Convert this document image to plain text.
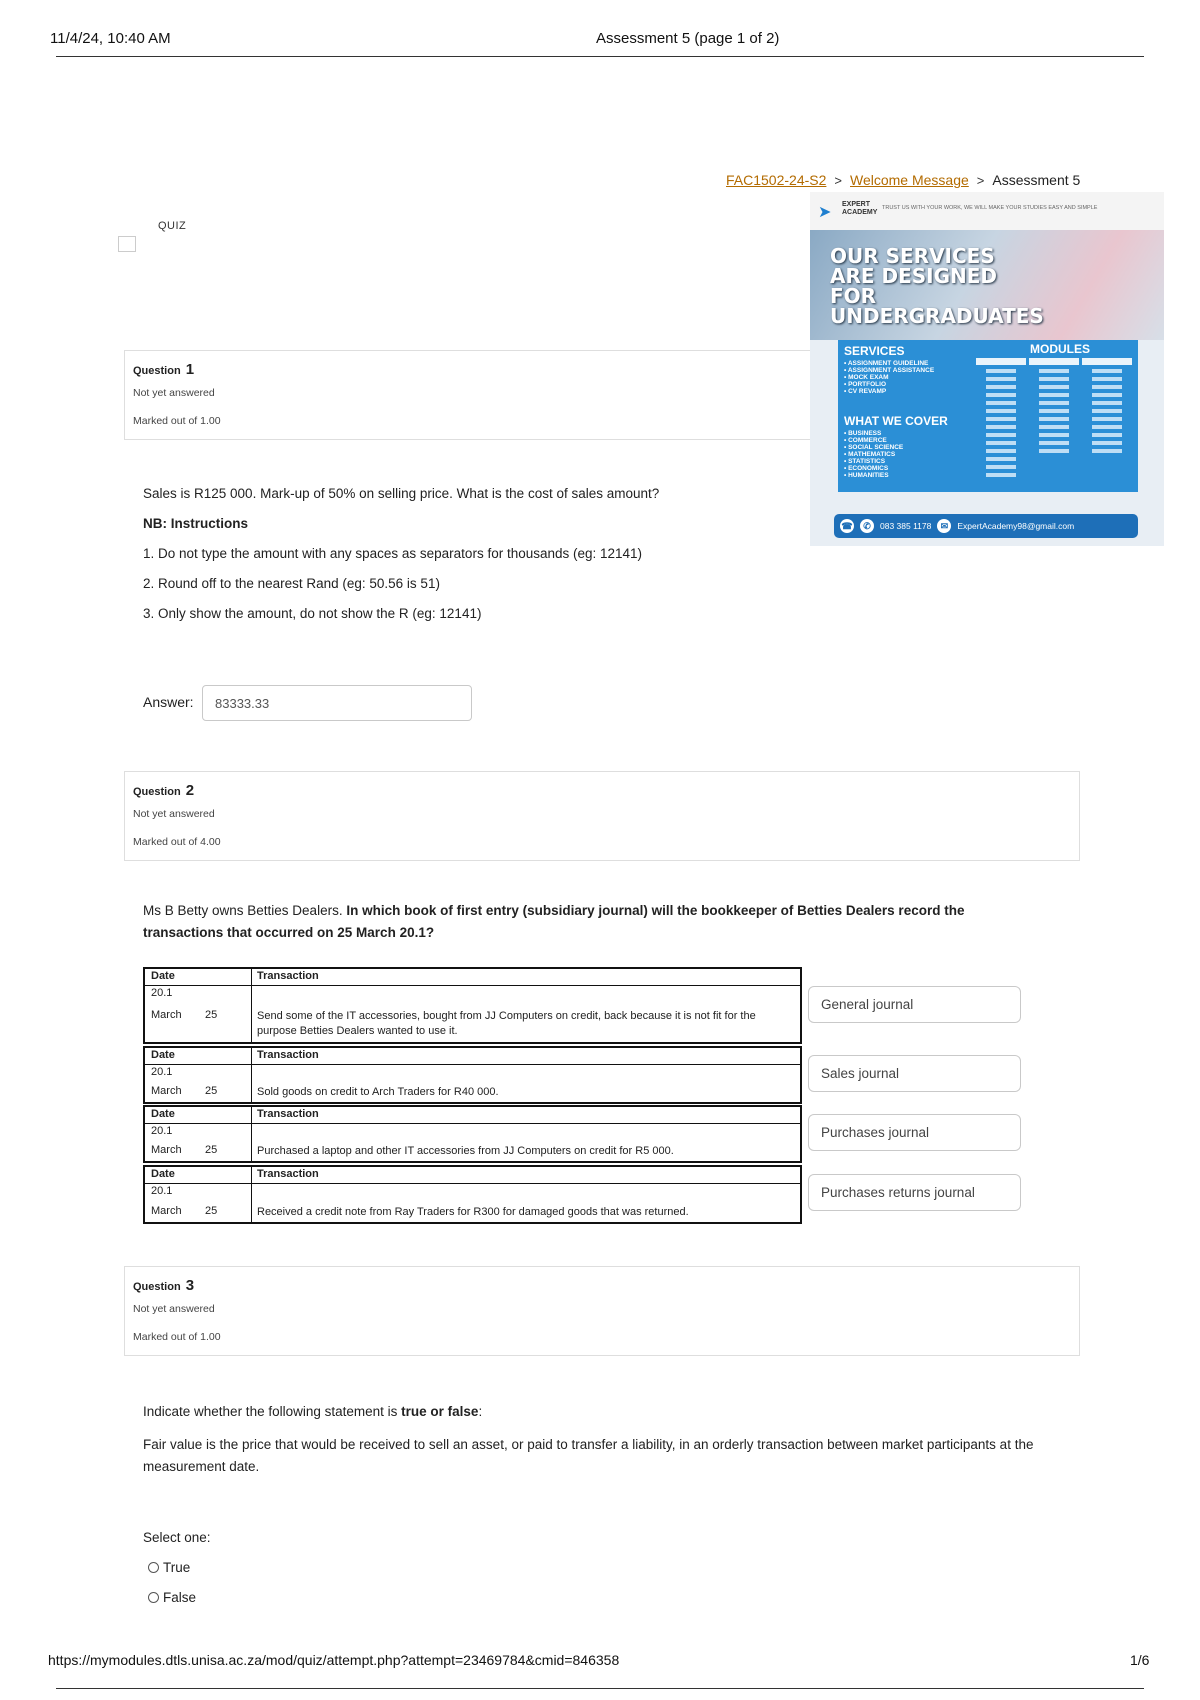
11/4/24, 10:40 AM	Assessment 5 (page 1 of 2)
FAC1502-24-S2 > Welcome Message > Assessment 5
QUIZ
Question 1
Not yet answered
Marked out of 1.00
➤ EXPERT ACADEMY
TRUST US WITH YOUR WORK, WE WILL MAKE YOUR STUDIES EASY AND SIMPLE
OUR SERVICES ARE DESIGNED FOR UNDERGRADUATES
SERVICES
• ASSIGNMENT GUIDELINE
• ASSIGNMENT ASSISTANCE
• MOCK EXAM
• PORTFOLIO
• CV REVAMP
WHAT WE COVER
• BUSINESS
• COMMERCE
• SOCIAL SCIENCE
• MATHEMATICS
• STATISTICS
• ECONOMICS
• HUMANITIES
MODULES
☎	✆	083 385 1178	✉	ExpertAcademy98@gmail.com
Sales is R125 000. Mark-up of 50% on selling price. What is the cost of sales amount?
NB: Instructions
1. Do not type the amount with any spaces as separators for thousands (eg: 12141)
2. Round off to the nearest Rand (eg: 50.56 is 51)
3. Only show the amount, do not show the R (eg: 12141)
Answer:
83333.33
Question 2
Not yet answered
Marked out of 4.00
Ms B Betty owns Betties Dealers. In which book of first entry (subsidiary journal) will the bookkeeper of Betties Dealers record the transactions that occurred on 25 March 20.1?
Date	Transaction
20.1
March 25	Send some of the IT accessories, bought from JJ Computers on credit, back because it is not fit for the purpose Betties Dealers wanted to use it.
General journal
Date	Transaction
20.1
March 25	Sold goods on credit to Arch Traders for R40 000.
Sales journal
Date	Transaction
20.1
March 25	Purchased a laptop and other IT accessories from JJ Computers on credit for R5 000.
Purchases journal
Date	Transaction
20.1
March 25	Received a credit note from Ray Traders for R300 for damaged goods that was returned.
Purchases returns journal
Question 3
Not yet answered
Marked out of 1.00
Indicate whether the following statement is true or false:
Fair value is the price that would be received to sell an asset, or paid to transfer a liability, in an orderly transaction between market participants at the measurement date.
Select one:
True
False
https://mymodules.dtls.unisa.ac.za/mod/quiz/attempt.php?attempt=23469784&cmid=846358	1/6
